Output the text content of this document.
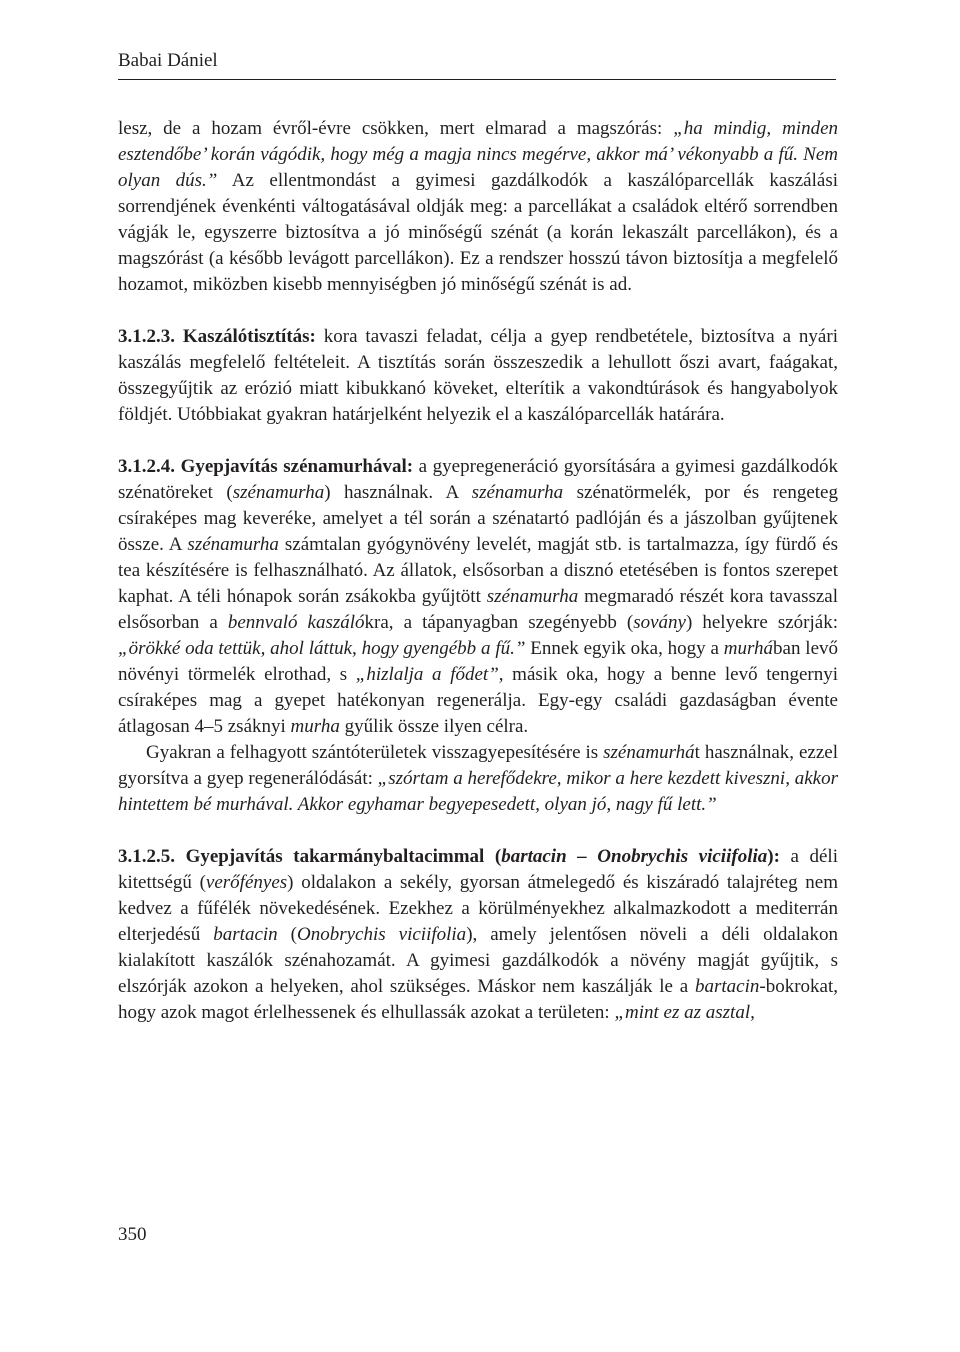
Babai Dániel

lesz, de a hozam évről-évre csökken, mert elmarad a magszórás: „ha mindig, minden esztendőbe’ korán vágódik, hogy még a magja nincs megérve, akkor má’ vékonyabb a fű. Nem olyan dús.” Az ellentmondást a gyimesi gazdálkodók a kaszálóparcellák kaszálási sorrendjének évenkénti váltogatásával oldják meg: a parcellákat a családok eltérő sorrendben vágják le, egyszerre biztosítva a jó minőségű szénát (a korán lekaszált parcellákon), és a magszórást (a később levágott parcellákon). Ez a rendszer hosszú távon biztosítja a megfelelő hozamot, miközben kisebb mennyiségben jó minőségű szénát is ad.

3.1.2.3. Kaszálótisztítás: kora tavaszi feladat, célja a gyep rendbetétele, biztosítva a nyári kaszálás megfelelő feltételeit. A tisztítás során összeszedik a lehullott őszi avart, faágakat, összegyűjtik az erózió miatt kibukkanó köveket, elterítik a vakondtúrások és hangyabolyok földjét. Utóbbiakat gyakran határjelként helyezik el a kaszálóparcellák határára.

3.1.2.4. Gyepjavítás szénamurhával: a gyepregeneráció gyorsítására a gyimesi gazdálkodók szénatöreket (szénamurha) használnak. A szénamurha szénatörmelék, por és rengeteg csíraképes mag keveréke, amelyet a tél során a szénatartó padlóján és a jászolban gyűjtenek össze. A szénamurha számtalan gyógynövény levelét, magját stb. is tartalmazza, így fürdő és tea készítésére is felhasználható. Az állatok, elsősorban a disznó etetésében is fontos szerepet kaphat. A téli hónapok során zsákokba gyűjtött szénamurha megmaradó részét kora tavasszal elsősorban a bennvaló kaszálókra, a tápanyagban szegényebb (sovány) helyekre szórják: „örökké oda tettük, ahol láttuk, hogy gyengébb a fű.” Ennek egyik oka, hogy a murhában levő növényi törmelék elrothad, s „hizlalja a fődet”, másik oka, hogy a benne levő tengernyi csíraképes mag a gyepet hatékonyan regenerálja. Egy-egy családi gazdaságban évente átlagosan 4–5 zsáknyi murha gyűlik össze ilyen célra.

Gyakran a felhagyott szántóterületek visszagyepesítésére is szénamurhát használnak, ezzel gyorsítva a gyep regenerálódását: „szórtam a herefődekre, mikor a here kezdett kiveszni, akkor hintettem bé murhával. Akkor egyhamar begyepesedett, olyan jó, nagy fű lett.”

3.1.2.5. Gyepjavítás takarmánybaltacimmal (bartacin – Onobrychis viciifolia): a déli kitettségű (verőfényes) oldalakon a sekély, gyorsan átmelegedő és kiszáradó talajréteg nem kedvez a fűfélék növekedésének. Ezekhez a körülményekhez alkalmazkodott a mediterrán elterjedésű bartacin (Onobrychis viciifolia), amely jelentősen növeli a déli oldalakon kialakított kaszálók szénahozamát. A gyimesi gazdálkodók a növény magját gyűjtik, s elszórják azokon a helyeken, ahol szükséges. Máskor nem kaszálják le a bartacin-bokrokat, hogy azok magot érlelhessenek és elhullassák azokat a területen: „mint ez az asztal,

350
